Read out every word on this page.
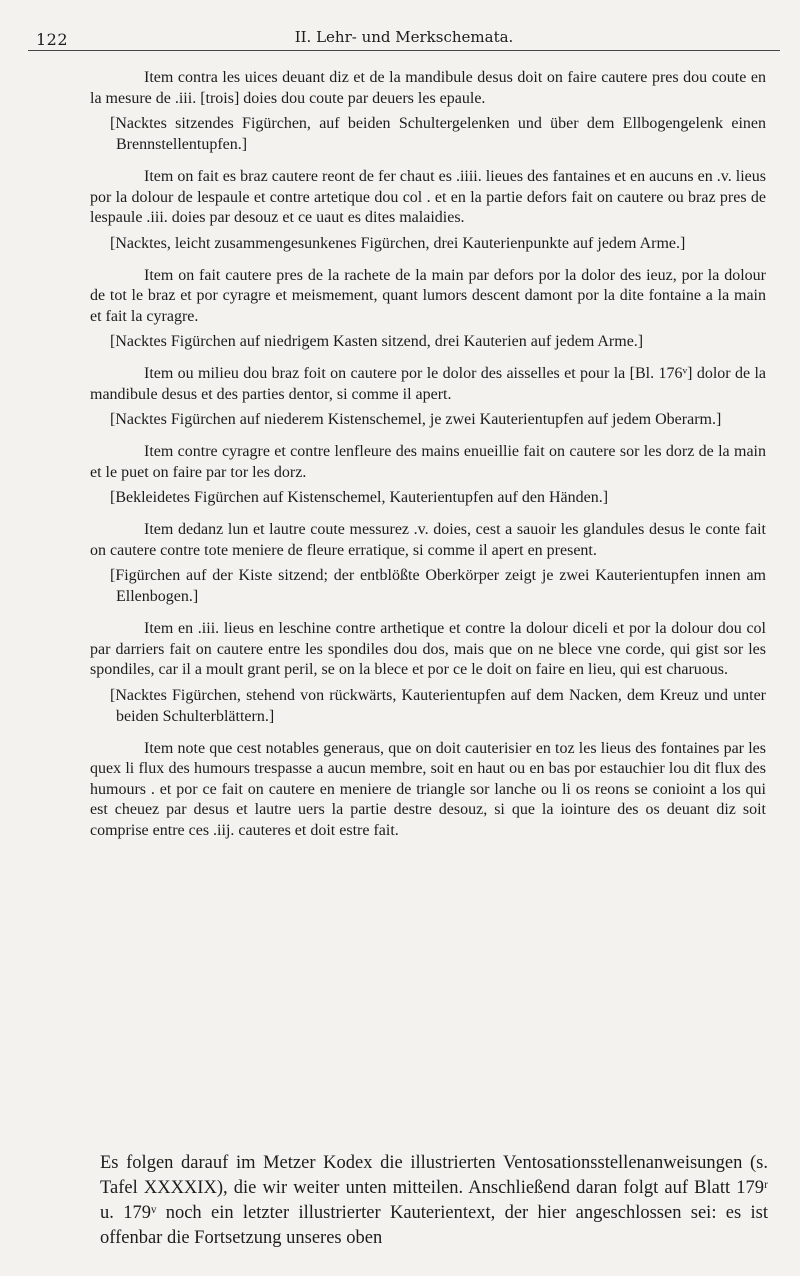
122	II. Lehr- und Merkschemata.

Item contra les uices deuant diz et de la mandibule desus doit on faire cautere pres dou coute en la mesure de .iii. [trois] doies dou coute par deuers les epaule.

[Nacktes sitzendes Figürchen, auf beiden Schultergelenken und über dem Ellbogengelenk einen Brennstellentupfen.]

Item on fait es braz cautere reont de fer chaut es .iiii. lieues des fantaines et en aucuns en .v. lieus por la dolour de lespaule et contre artetique dou col . et en la partie defors fait on cautere ou braz pres de lespaule .iii. doies par desouz et ce uaut es dites malaidies.

[Nacktes, leicht zusammengesunkenes Figürchen, drei Kauterienpunkte auf jedem Arme.]

Item on fait cautere pres de la rachete de la main par defors por la dolor des ieuz, por la dolour de tot le braz et por cyragre et meismement, quant lumors descent damont por la dite fontaine a la main et fait la cyragre.

[Nacktes Figürchen auf niedrigem Kasten sitzend, drei Kauterien auf jedem Arme.]

Item ou milieu dou braz foit on cautere por le dolor des aisselles et pour la [Bl. 176ᵛ] dolor de la mandibule desus et des parties dentor, si comme il apert.

[Nacktes Figürchen auf niederem Kistenschemel, je zwei Kauterientupfen auf jedem Oberarm.]

Item contre cyragre et contre lenfleure des mains enueillie fait on cautere sor les dorz de la main et le puet on faire par tor les dorz.

[Bekleidetes Figürchen auf Kistenschemel, Kauterientupfen auf den Händen.]

Item dedanz lun et lautre coute messurez .v. doies, cest a sauoir les glandules desus le conte fait on cautere contre tote meniere de fleure erratique, si comme il apert en present.

[Figürchen auf der Kiste sitzend; der entblößte Oberkörper zeigt je zwei Kauterientupfen innen am Ellenbogen.]

Item en .iii. lieus en leschine contre arthetique et contre la dolour diceli et por la dolour dou col par darriers fait on cautere entre les spondiles dou dos, mais que on ne blece vne corde, qui gist sor les spondiles, car il a moult grant peril, se on la blece et por ce le doit on faire en lieu, qui est charuous.

[Nacktes Figürchen, stehend von rückwärts, Kauterientupfen auf dem Nacken, dem Kreuz und unter beiden Schulterblättern.]

Item note que cest notables generaus, que on doit cauterisier en toz les lieus des fontaines par les quex li flux des humours trespasse a aucun membre, soit en haut ou en bas por estauchier lou dit flux des humours . et por ce fait on cautere en meniere de triangle sor lanche ou li os reons se conioint a los qui est cheuez par desus et lautre uers la partie destre desouz, si que la iointure des os deuant diz soit comprise entre ces .iij. cauteres et doit estre fait.

Es folgen darauf im Metzer Kodex die illustrierten Ventosationsstellenanweisungen (s. Tafel XXXXIX), die wir weiter unten mitteilen. Anschließend daran folgt auf Blatt 179ʳ u. 179ᵛ noch ein letzter illustrierter Kauterientext, der hier angeschlossen sei: es ist offenbar die Fortsetzung unseres oben
